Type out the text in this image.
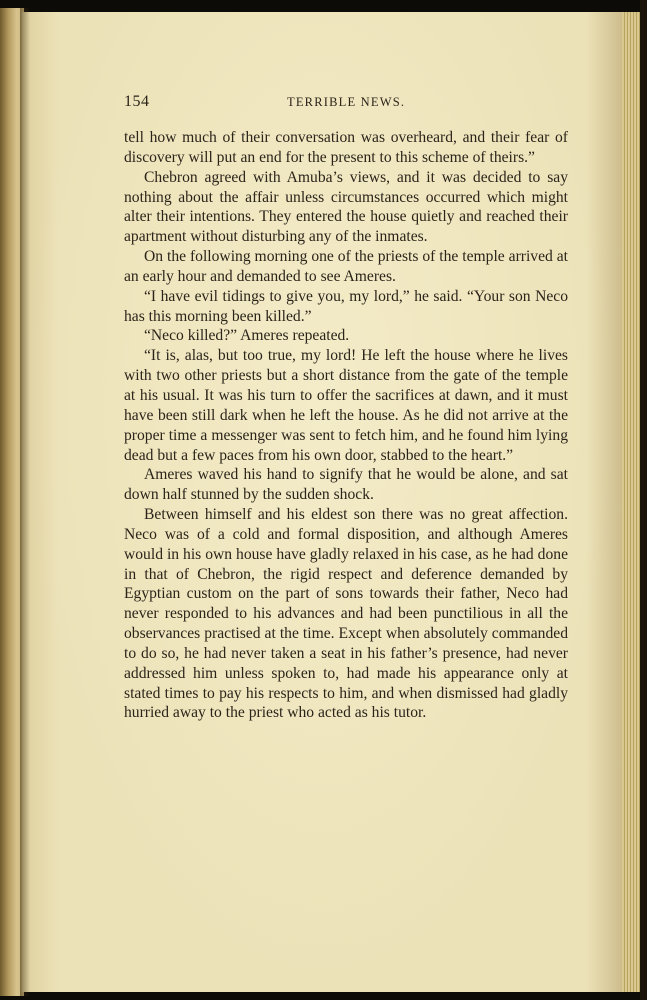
154	TERRIBLE NEWS.

tell how much of their conversation was overheard, and their fear of discovery will put an end for the present to this scheme of theirs.”

Chebron agreed with Amuba’s views, and it was decided to say nothing about the affair unless circumstances occurred which might alter their intentions. They entered the house quietly and reached their apartment without disturbing any of the inmates.

On the following morning one of the priests of the temple arrived at an early hour and demanded to see Ameres.

“I have evil tidings to give you, my lord,” he said. “Your son Neco has this morning been killed.”

“Neco killed?” Ameres repeated.

“It is, alas, but too true, my lord! He left the house where he lives with two other priests but a short distance from the gate of the temple at his usual. It was his turn to offer the sacrifices at dawn, and it must have been still dark when he left the house. As he did not arrive at the proper time a messenger was sent to fetch him, and he found him lying dead but a few paces from his own door, stabbed to the heart.”

Ameres waved his hand to signify that he would be alone, and sat down half stunned by the sudden shock.

Between himself and his eldest son there was no great affection. Neco was of a cold and formal disposition, and although Ameres would in his own house have gladly relaxed in his case, as he had done in that of Chebron, the rigid respect and deference demanded by Egyptian custom on the part of sons towards their father, Neco had never responded to his advances and had been punctilious in all the observances practised at the time. Except when absolutely commanded to do so, he had never taken a seat in his father’s presence, had never addressed him unless spoken to, had made his appearance only at stated times to pay his respects to him, and when dismissed had gladly hurried away to the priest who acted as his tutor.
